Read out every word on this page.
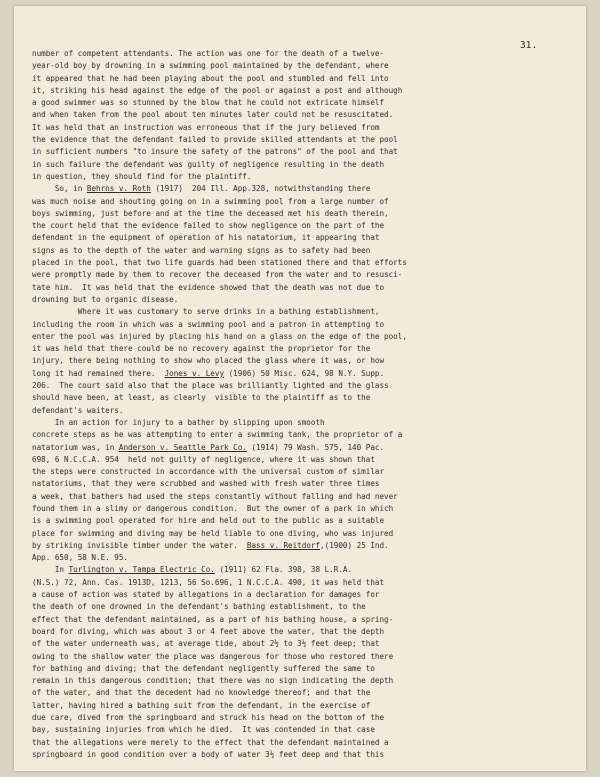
31.
number of competent attendants. The action was one for the death of a twelve-
year-old boy by drowning in a swimming pool maintained by the defendant, where
it appeared that he had been playing about the pool and stumbled and fell into
it, striking his head against the edge of the pool or against a post and although
a good swimmer was so stunned by the blow that he could not extricate himself
and when taken from the pool about ten minutes later could not be resuscitated.
It was held that an instruction was erroneous that if the jury believed from
the evidence that the defendant failed to provide skilled attendants at the pool
in sufficient numbers "to insure the safety of the patrons" of the pool and that
in such failure the defendant was guilty of negligence resulting in the death
in question, they should find for the plaintiff.
So, in Behrns v. Roth (1917)  204 Ill. App.328, notwithstanding there
was much noise and shouting going on in a swimming pool from a large number of
boys swimming, just before and at the time the deceased met his death therein,
the court held that the evidence failed to show negligence on the part of the
defendant in the equipment of operation of his natatorium, it appearing that
signs as to the depth of the water and warning signs as to safety had been
placed in the pool, that two life guards had been stationed there and that efforts
were promptly made by them to recover the deceased from the water and to resusci-
tate him.  It was held that the evidence showed that the death was not due to
drowning but to organic disease.
Where it was customary to serve drinks in a bathing establishment,
including the room in which was a swimming pool and a patron in attempting to
enter the pool was injured by placing his hand on a glass on the edge of the pool,
it was held that there could be no recovery against the proprietor for the
injury, there being nothing to show who placed the glass where it was, or how
long it had remained there.  Jones v. Levy (1906) 50 Misc. 624, 98 N.Y. Supp.
206.  The court said also that the place was brilliantly lighted and the glass
should have been, at least, as clearly  visible to the plaintiff as to the
defendant's waiters.
In an action for injury to a bather by slipping upon smooth
concrete steps as he was attempting to enter a swimming tank, the proprietor of a
natatorium was, in Anderson v. Seattle Park Co. (1914) 79 Wash. 575, 140 Pac.
698, 6 N.C.C.A. 954  held not guilty of negligence, where it was shown that
the steps were constructed in accordance with the universal custom of similar
natatoriums, that they were scrubbed and washed with fresh water three times
a week, that bathers had used the steps constantly without falling and had never
found them in a slimy or dangerous condition.  But the owner of a park in which
is a swimming pool operated for hire and held out to the public as a suitable
place for swimming and diving may be held liable to one diving, who was injured
by striking invisible timber under the water.  Bass v. Reitdorf,(1900) 25 Ind.
App. 650, 58 N.E. 95.
In Turlington v. Tampa Electric Co. (1911) 62 Fla. 398, 38 L.R.A.
(N.S.) 72, Ann. Cas. 1913D, 1213, 56 So.696, 1 N.C.C.A. 490, it was held that
a cause of action was stated by allegations in a declaration for damages for
the death of one drowned in the defendant's bathing establishment, to the
effect that the defendant maintained, as a part of his bathing house, a spring-
board for diving, which was about 3 or 4 feet above the water, that the depth
of the water underneath was, at average tide, about 2½ to 3½ feet deep; that
owing to the shallow water the place was dangerous for those who restored there
for bathing and diving; that the defendant negligently suffered the same to
remain in this dangerous condition; that there was no sign indicating the depth
of the water, and that the decedent had no knowledge thereof; and that the
latter, having hired a bathing suit from the defendant, in the exercise of
due care, dived from the springboard and struck his head on the bottom of the
bay, sustaining injuries from which he died.  It was contended in that case
that the allegations were merely to the effect that the defendant maintained a
springboard in good condition over a body of water 3½ feet deep and that this
